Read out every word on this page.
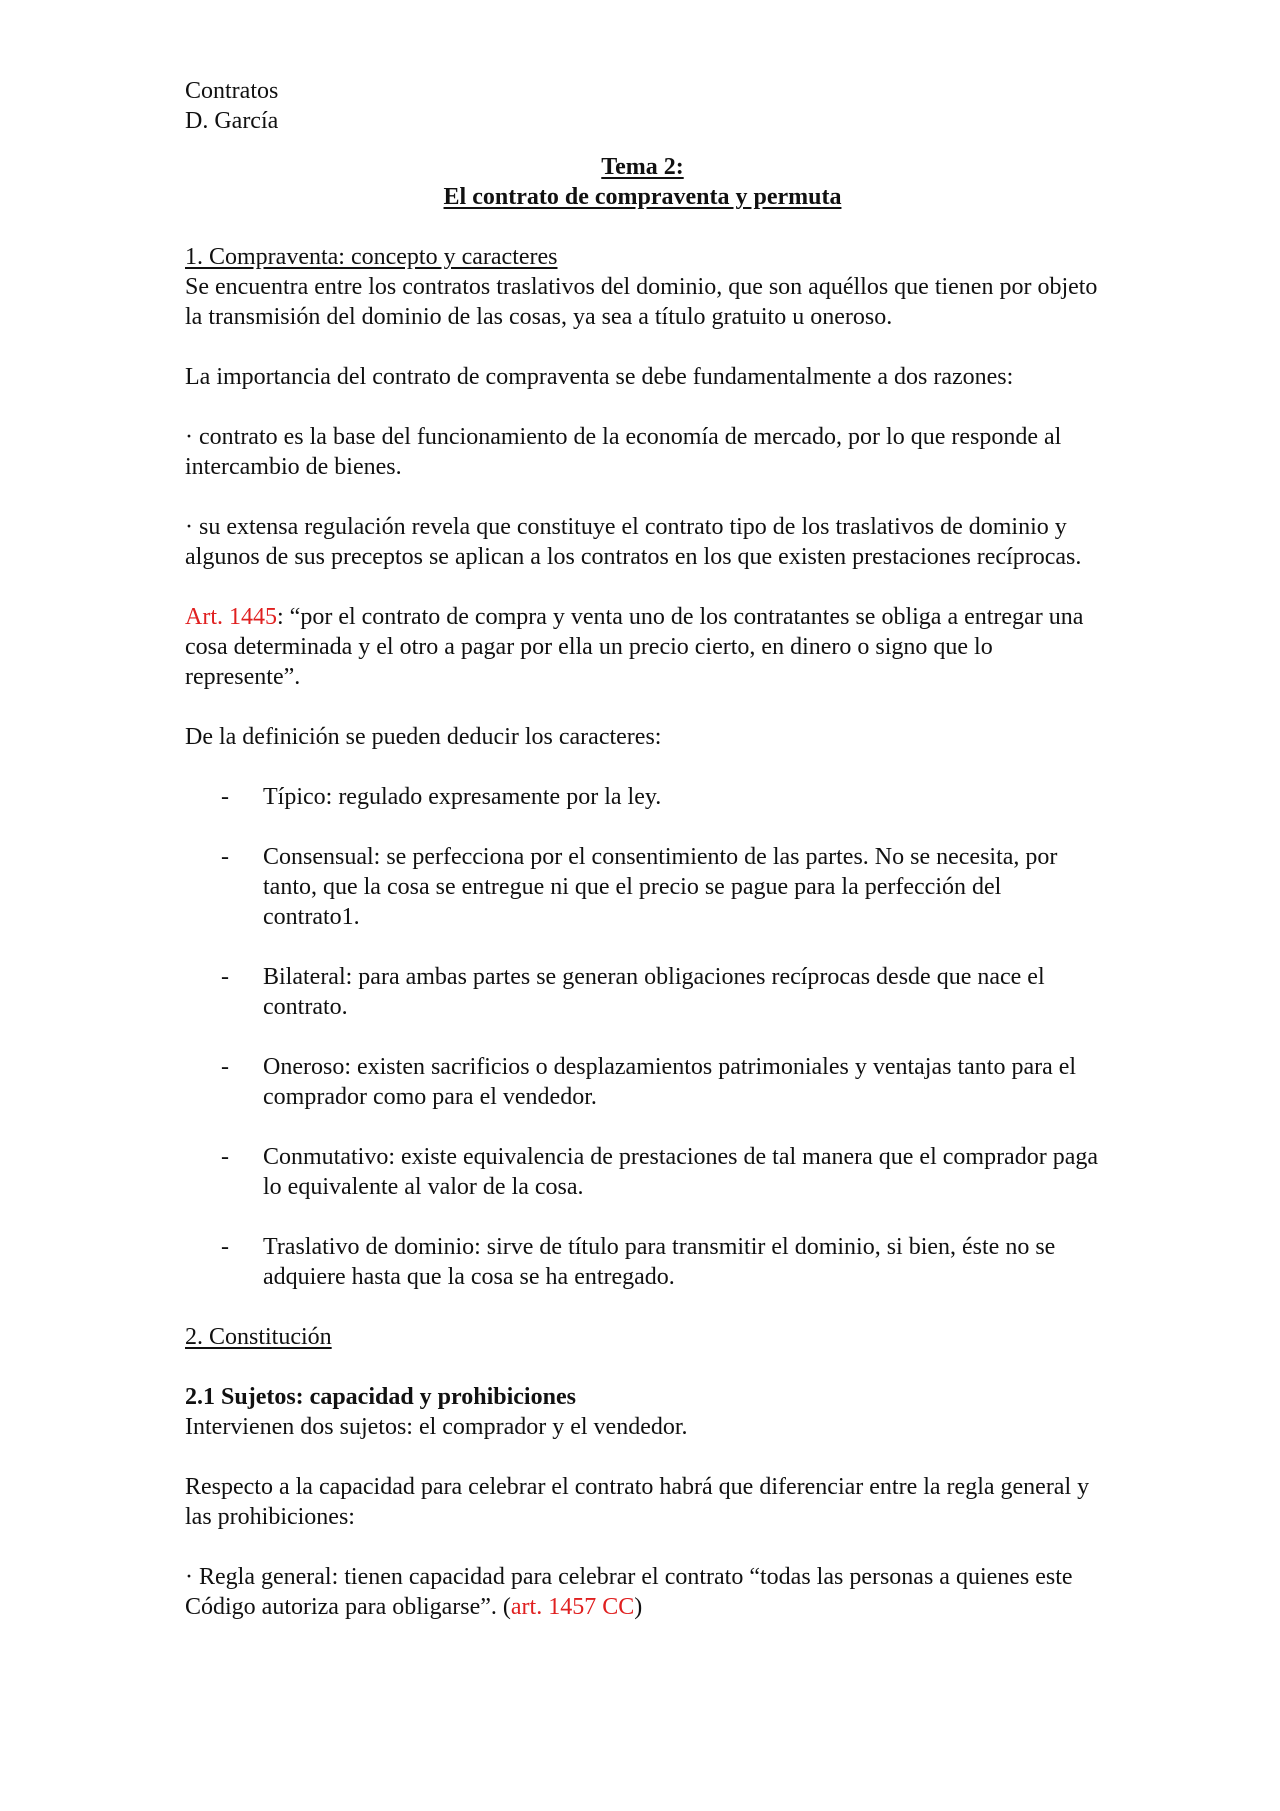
Contratos

D. García

Tema 2:

El contrato de compraventa y permuta

1. Compraventa: concepto y caracteres

Se encuentra entre los contratos traslativos del dominio, que son aquéllos que tienen por objeto la transmisión del dominio de las cosas, ya sea a título gratuito u oneroso.

La importancia del contrato de compraventa se debe fundamentalmente a dos razones:

· contrato es la base del funcionamiento de la economía de mercado, por lo que responde al intercambio de bienes.

· su extensa regulación revela que constituye el contrato tipo de los traslativos de dominio y algunos de sus preceptos se aplican a los contratos en los que existen prestaciones recíprocas.

Art. 1445: “por el contrato de compra y venta uno de los contratantes se obliga a entregar una cosa determinada y el otro a pagar por ella un precio cierto, en dinero o signo que lo represente”.

De la definición se pueden deducir los caracteres:

-	Típico: regulado expresamente por la ley.
-	Consensual: se perfecciona por el consentimiento de las partes. No se necesita, por tanto, que la cosa se entregue ni que el precio se pague para la perfección del contrato1.
-	Bilateral: para ambas partes se generan obligaciones recíprocas desde que nace el contrato.
-	Oneroso: existen sacrificios o desplazamientos patrimoniales y ventajas tanto para el comprador como para el vendedor.
-	Conmutativo: existe equivalencia de prestaciones de tal manera que el comprador paga lo equivalente al valor de la cosa.
-	Traslativo de dominio: sirve de título para transmitir el dominio, si bien, éste no se adquiere hasta que la cosa se ha entregado.

2. Constitución

2.1 Sujetos: capacidad y prohibiciones

Intervienen dos sujetos: el comprador y el vendedor.

Respecto a la capacidad para celebrar el contrato habrá que diferenciar entre la regla general y las prohibiciones:

· Regla general: tienen capacidad para celebrar el contrato “todas las personas a quienes este Código autoriza para obligarse”. (art. 1457 CC)
